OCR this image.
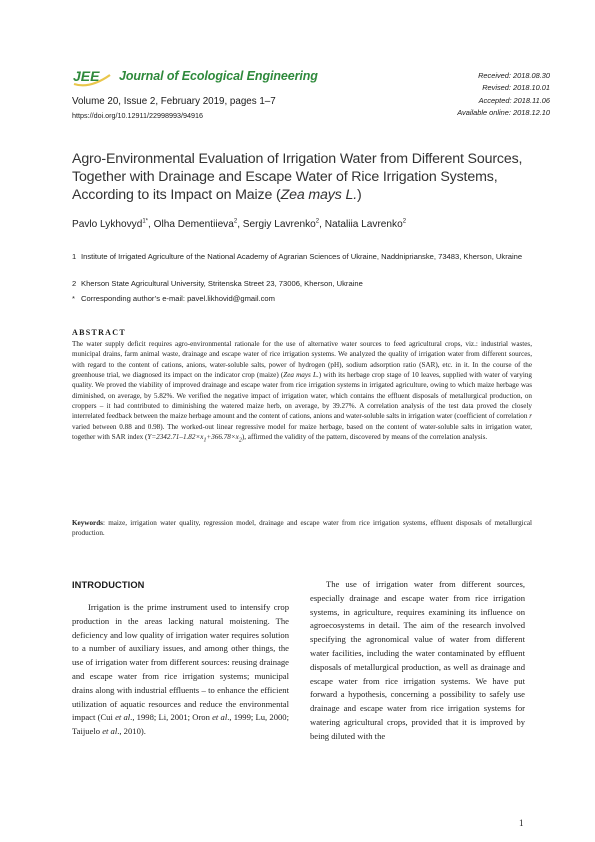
JEE Journal of Ecological Engineering
Volume 20, Issue 2, February 2019, pages 1–7
https://doi.org/10.12911/22998993/94916
Received: 2018.08.30
Revised: 2018.10.01
Accepted: 2018.11.06
Available online: 2018.12.10
Agro-Environmental Evaluation of Irrigation Water from Different Sources, Together with Drainage and Escape Water of Rice Irrigation Systems, According to its Impact on Maize (Zea mays L.)
Pavlo Lykhovyd$^{1*}$, Olha Dementiieva$^2$, Sergiy Lavrenko$^2$, Nataliia Lavrenko$^2$
1 Institute of Irrigated Agriculture of the National Academy of Agrarian Sciences of Ukraine, Naddniprianske, 73483, Kherson, Ukraine
2 Kherson State Agricultural University, Stritenska Street 23, 73006, Kherson, Ukraine
* Corresponding author’s e-mail: pavel.likhovid@gmail.com
ABSTRACT
The water supply deficit requires agro-environmental rationale for the use of alternative water sources to feed agricultural crops, viz.: industrial wastes, municipal drains, farm animal waste, drainage and escape water of rice irrigation systems. We analyzed the quality of irrigation water from different sources, with regard to the content of cations, anions, water-soluble salts, power of hydrogen (pH), sodium adsorption ratio (SAR), etc. in it. In the course of the greenhouse trial, we diagnosed its impact on the indicator crop (maize) (Zea mays L.) with its herbage crop stage of 10 leaves, supplied with water of varying quality. We proved the viability of improved drainage and escape water from rice irrigation systems in irrigated agriculture, owing to which maize herbage was diminished, on average, by 5.82%. We verified the negative impact of irrigation water, which contains the effluent disposals of metallurgical production, on croppers – it had contributed to diminishing the watered maize herb, on average, by 39.27%. A correlation analysis of the test data proved the closely interrelated feedback between the maize herbage amount and the content of cations, anions and water-soluble salts in irrigation water (coefficient of correlation r varied between 0.88 and 0.98). The worked-out linear regressive model for maize herbage, based on the content of water-soluble salts in irrigation water, together with SAR index $(Y=2342.71-1.82\times x_1+366.78\times x_2)$, affirmed the validity of the pattern, discovered by means of the correlation analysis.
Keywords: maize, irrigation water quality, regression model, drainage and escape water from rice irrigation systems, effluent disposals of metallurgical production.
INTRODUCTION

Irrigation is the prime instrument used to intensify crop production in the areas lacking natural moistening. The deficiency and low quality of irrigation water requires solution to a number of auxiliary issues, and among other things, the use of irrigation water from different sources: reusing drainage and escape water from rice irrigation systems; municipal drains along with industrial effluents – to enhance the efficient utilization of aquatic resources and reduce the environmental impact (Cui et al., 1998; Li, 2001; Oron et al., 1999; Lu, 2000; Taijuelo et al., 2010).

The use of irrigation water from different sources, especially drainage and escape water from rice irrigation systems, in agriculture, requires examining its influence on agroecosystems in detail. The aim of the research involved specifying the agronomical value of water from different water facilities, including the water contaminated by effluent disposals of metallurgical production, as well as drainage and escape water from rice irrigation systems. We have put forward a hypothesis, concerning a possibility to safely use drainage and escape water from rice irrigation systems for watering agricultural crops, provided that it is improved by being diluted with the

1
